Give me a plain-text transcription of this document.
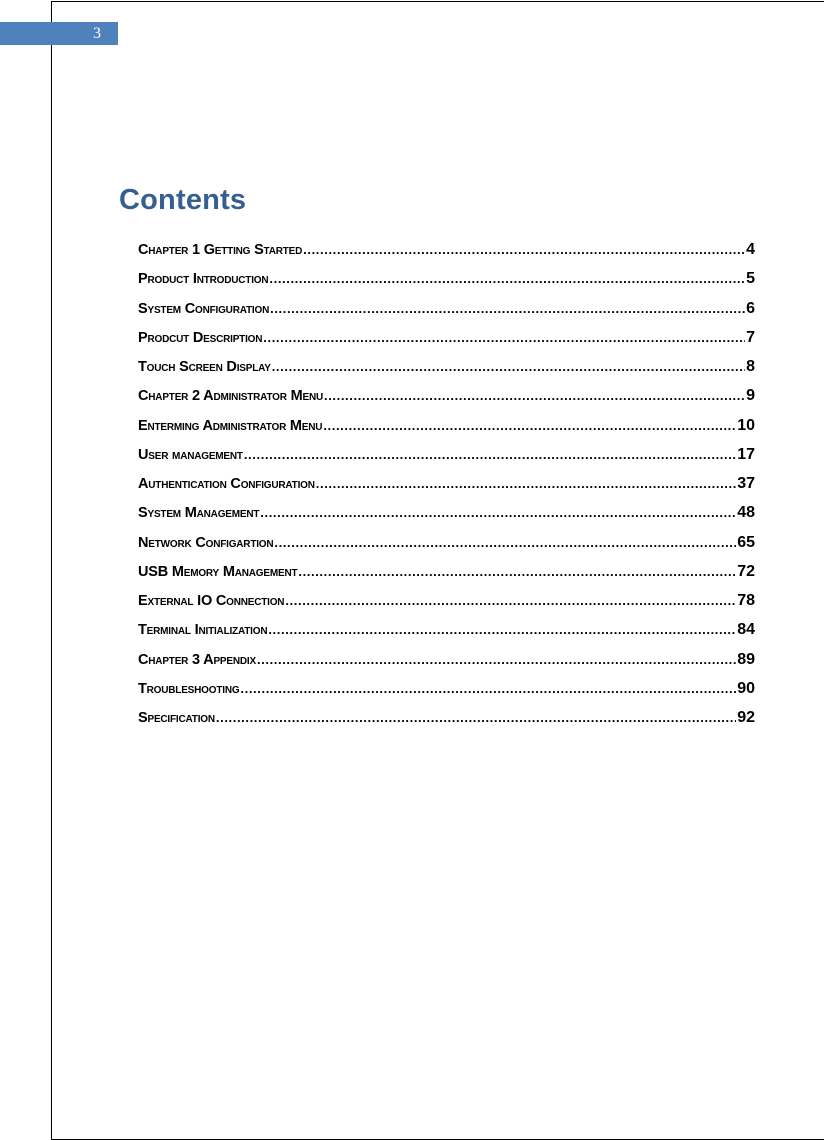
3
Contents
Chapter 1 Getting Started .....	4
Product Introduction .....	5
System Configuration .....	6
Prodcut Description .....	7
Touch Screen Display .....	8
Chapter 2 Administrator Menu .....	9
Enterming Administrator Menu .....	10
User management .....	17
Authentication Configuration .....	37
System Management .....	48
Network Configartion .....	65
USB Memory Management .....	72
External IO Connection .....	78
Terminal Initialization .....	84
Chapter 3 Appendix .....	89
Troubleshooting .....	90
Specification .....	92
